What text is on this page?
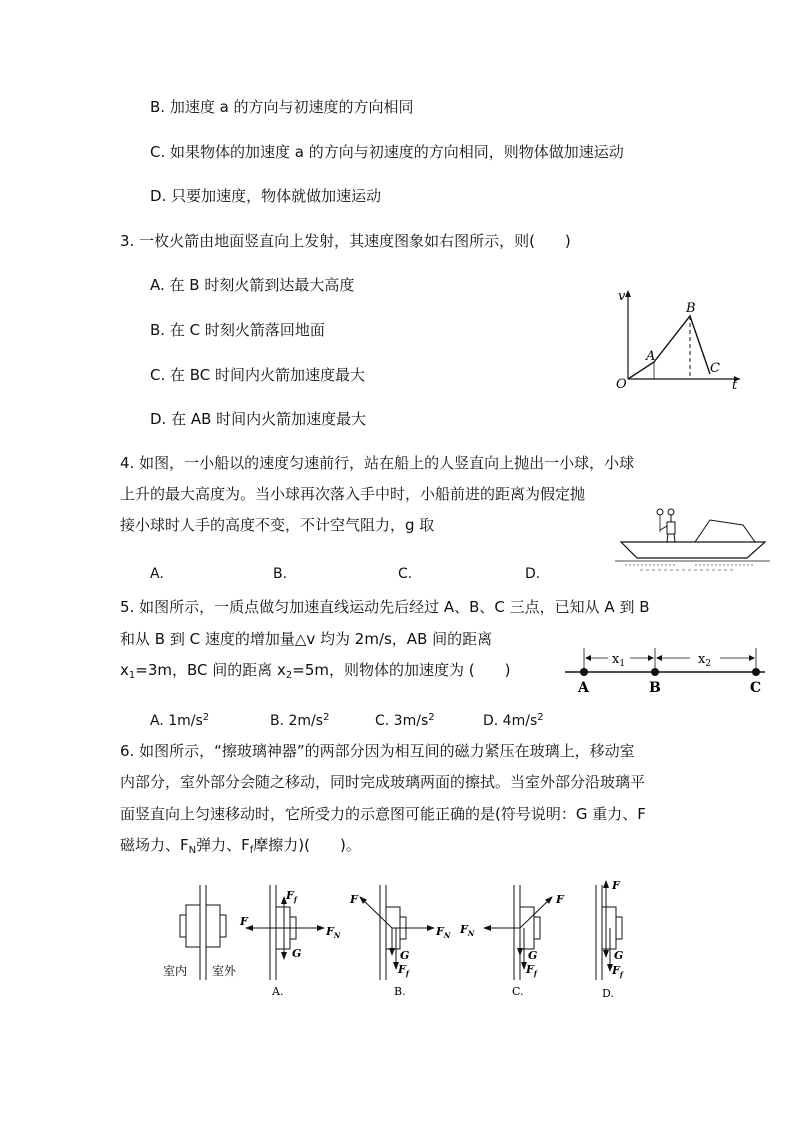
B. 加速度 a 的方向与初速度的方向相同
C. 如果物体的加速度 a 的方向与初速度的方向相同，则物体做加速运动
D. 只要加速度，物体就做加速运动
3. 一枚火箭由地面竖直向上发射，其速度图象如右图所示，则(　　)
A. 在 B 时刻火箭到达最大高度
B. 在 C 时刻火箭落回地面
C. 在 BC 时间内火箭加速度最大
D. 在 AB 时间内火箭加速度最大
v
t
O
A
B
C
4. 如图，一小船以的速度匀速前行，站在船上的人竖直向上抛出一小球，小球
上升的最大高度为。当小球再次落入手中时，小船前进的距离为假定抛
接小球时人手的高度不变，不计空气阻力，g 取
A.	B.	C.	D.
5. 如图所示，一质点做匀加速直线运动先后经过 A、B、C 三点，已知从 A 到 B
和从 B 到 C 速度的增加量△v 均为 2m/s，AB 间的距离
$x_1=3m$，BC 间的距离 $x_2=5m$，则物体的加速度为 (　　)
$x_1$	$x_2$
A	B	C
A. $1m/s^2$	B. $2m/s^2$	C. $3m/s^2$	D. $4m/s^2$
6. 如图所示，“擦玻璃神器”的两部分因为相互间的磁力紧压在玻璃上，移动室
内部分，室外部分会随之移动，同时完成玻璃两面的擦拭。当室外部分沿玻璃平
面竖直向上匀速移动时，它所受力的示意图可能正确的是(符号说明：G 重力、F
磁场力、$F_N$弹力、$F_f$摩擦力)(　　)。
室内 室外
F
$F_N$
$F_f$
G
A.
F
$F_N$
G
$F_f$
B.
$F_N$
F
G
$F_f$
C.
F
G
$F_f$
D.
